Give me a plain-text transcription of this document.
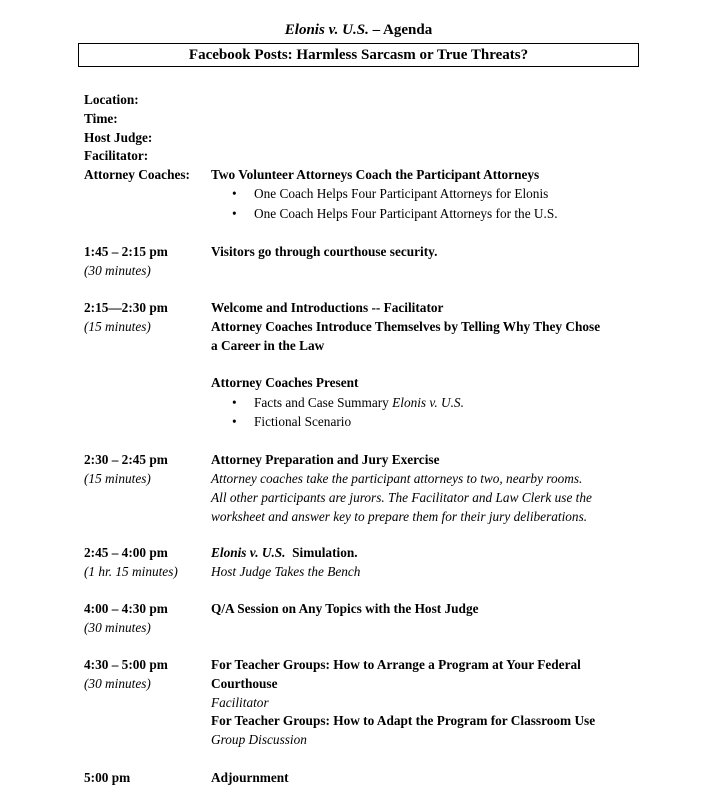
Elonis v. U.S. – Agenda
Facebook Posts: Harmless Sarcasm or True Threats?
Location:
Time:
Host Judge:
Facilitator:
Attorney Coaches: Two Volunteer Attorneys Coach the Participant Attorneys
• One Coach Helps Four Participant Attorneys for Elonis
• One Coach Helps Four Participant Attorneys for the U.S.
1:45 – 2:15 pm
(30 minutes)
Visitors go through courthouse security.
2:15—2:30 pm
(15 minutes)
Welcome and Introductions -- Facilitator
Attorney Coaches Introduce Themselves by Telling Why They Chose
a Career in the Law
Attorney Coaches Present
• Facts and Case Summary Elonis v. U.S.
• Fictional Scenario
2:30 – 2:45 pm
(15 minutes)
Attorney Preparation and Jury Exercise
Attorney coaches take the participant attorneys to two, nearby rooms.
All other participants are jurors. The Facilitator and Law Clerk use the
worksheet and answer key to prepare them for their jury deliberations.
2:45 – 4:00 pm
(1 hr. 15 minutes)
Elonis v. U.S.  Simulation.
Host Judge Takes the Bench
4:00 – 4:30 pm
(30 minutes)
Q/A Session on Any Topics with the Host Judge
4:30 – 5:00 pm
(30 minutes)
For Teacher Groups: How to Arrange a Program at Your Federal
Courthouse
Facilitator
For Teacher Groups: How to Adapt the Program for Classroom Use
Group Discussion
5:00 pm	Adjournment
